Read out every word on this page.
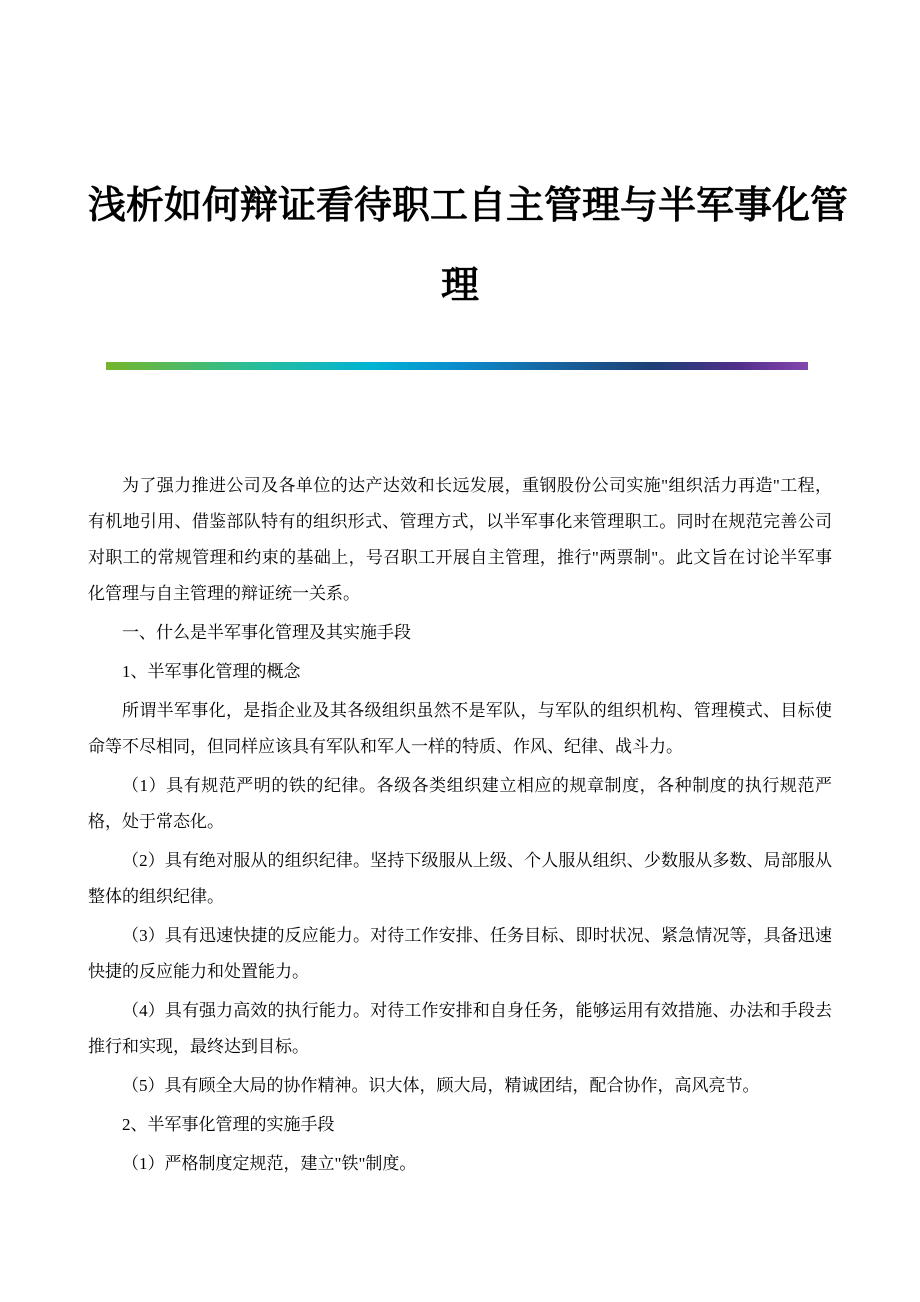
浅析如何辩证看待职工自主管理与半军事化管
理

为了强力推进公司及各单位的达产达效和长远发展，重钢股份公司实施"组织活力再造"工程，有机地引用、借鉴部队特有的组织形式、管理方式，以半军事化来管理职工。同时在规范完善公司对职工的常规管理和约束的基础上，号召职工开展自主管理，推行"两票制"。此文旨在讨论半军事化管理与自主管理的辩证统一关系。

一、什么是半军事化管理及其实施手段

1、半军事化管理的概念

所谓半军事化，是指企业及其各级组织虽然不是军队，与军队的组织机构、管理模式、目标使命等不尽相同，但同样应该具有军队和军人一样的特质、作风、纪律、战斗力。

（1）具有规范严明的铁的纪律。各级各类组织建立相应的规章制度，各种制度的执行规范严格，处于常态化。

（2）具有绝对服从的组织纪律。坚持下级服从上级、个人服从组织、少数服从多数、局部服从整体的组织纪律。

（3）具有迅速快捷的反应能力。对待工作安排、任务目标、即时状况、紧急情况等，具备迅速快捷的反应能力和处置能力。

（4）具有强力高效的执行能力。对待工作安排和自身任务，能够运用有效措施、办法和手段去推行和实现，最终达到目标。

（5）具有顾全大局的协作精神。识大体，顾大局，精诚团结，配合协作，高风亮节。

2、半军事化管理的实施手段

（1）严格制度定规范，建立"铁"制度。
